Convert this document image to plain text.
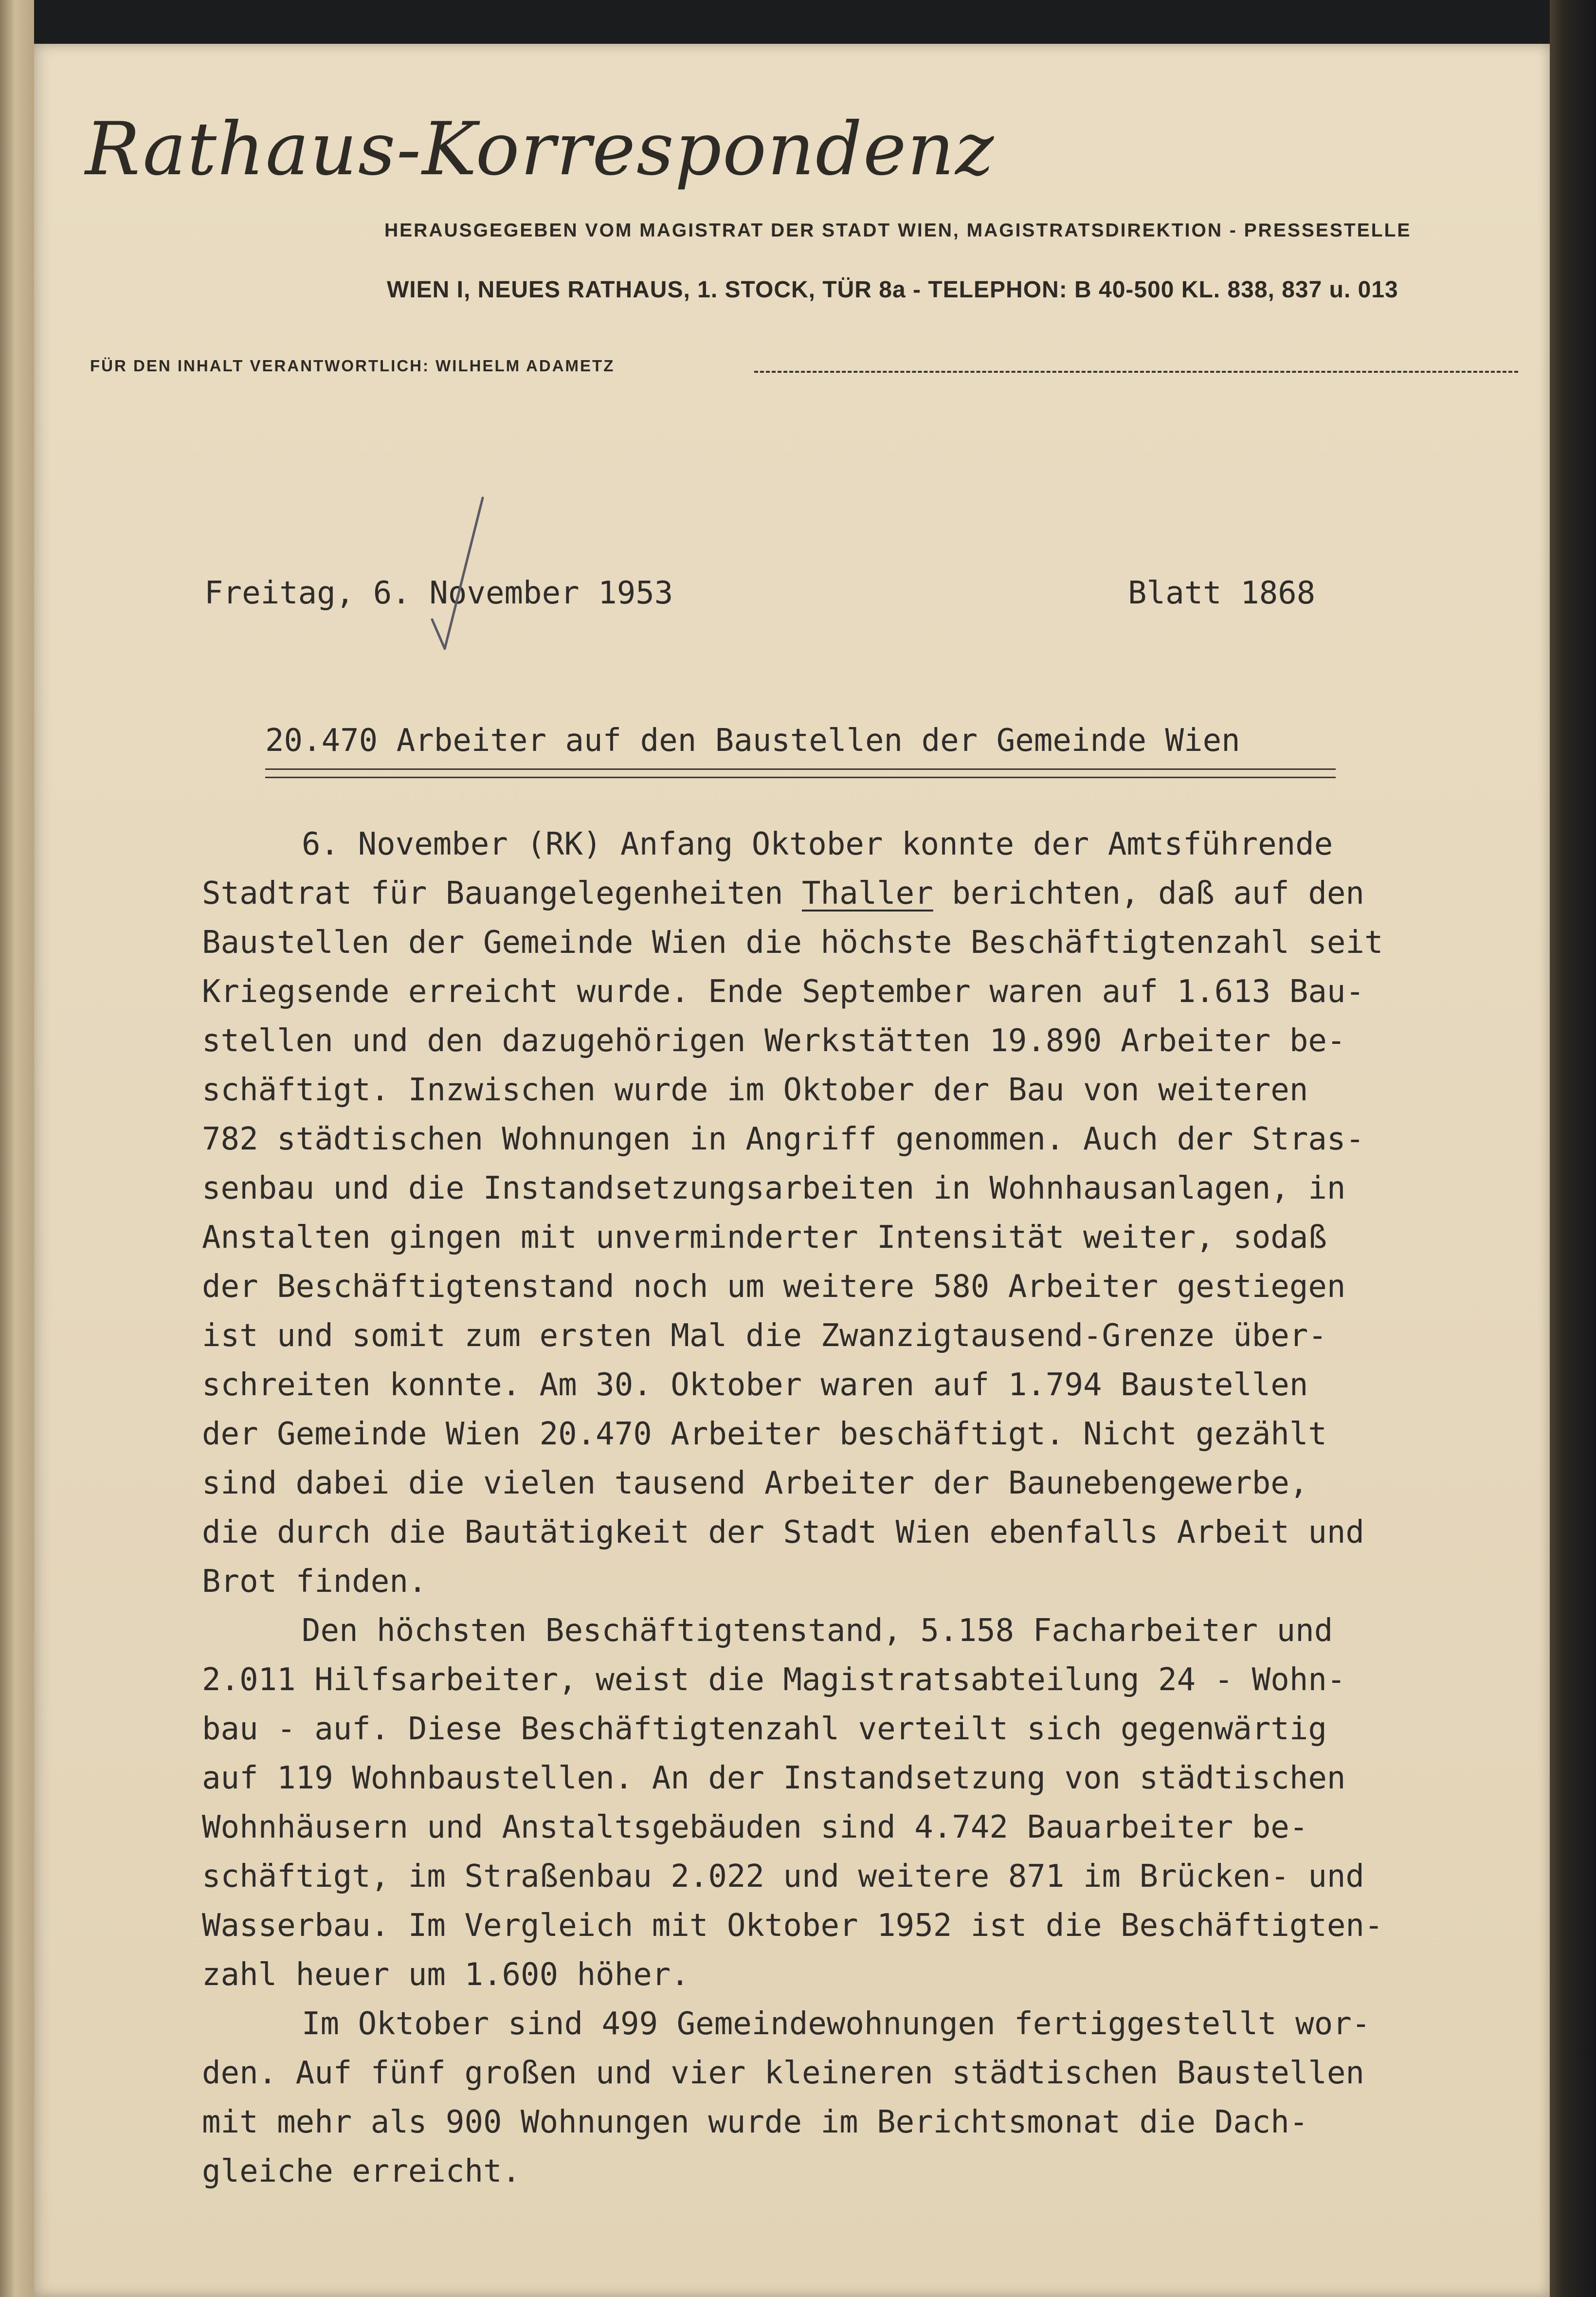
Rathaus-Korrespondenz
HERAUSGEGEBEN VOM MAGISTRAT DER STADT WIEN, MAGISTRATSDIREKTION - PRESSESTELLE
WIEN I, NEUES RATHAUS, 1. STOCK, TÜR 8a - TELEPHON: B 40-500 KL. 838, 837 u. 013
FÜR DEN INHALT VERANTWORTLICH: WILHELM ADAMETZ

Freitag, 6. November 1953	Blatt 1868

20.470 Arbeiter auf den Baustellen der Gemeinde Wien

6. November (RK) Anfang Oktober konnte der Amtsführende

Stadtrat für Bauangelegenheiten Thaller berichten, daß auf den

Baustellen der Gemeinde Wien die höchste Beschäftigtenzahl seit

Kriegsende erreicht wurde. Ende September waren auf 1.613 Bau-

stellen und den dazugehörigen Werkstätten 19.890 Arbeiter be-

schäftigt. Inzwischen wurde im Oktober der Bau von weiteren

782 städtischen Wohnungen in Angriff genommen. Auch der Stras-

senbau und die Instandsetzungsarbeiten in Wohnhausanlagen, in

Anstalten gingen mit unverminderter Intensität weiter, sodaß

der Beschäftigtenstand noch um weitere 580 Arbeiter gestiegen

ist und somit zum ersten Mal die Zwanzigtausend-Grenze über-

schreiten konnte. Am 30. Oktober waren auf 1.794 Baustellen

der Gemeinde Wien 20.470 Arbeiter beschäftigt. Nicht gezählt

sind dabei die vielen tausend Arbeiter der Baunebengewerbe,

die durch die Bautätigkeit der Stadt Wien ebenfalls Arbeit und

Brot finden.

Den höchsten Beschäftigtenstand, 5.158 Facharbeiter und

2.011 Hilfsarbeiter, weist die Magistratsabteilung 24 - Wohn-

bau - auf. Diese Beschäftigtenzahl verteilt sich gegenwärtig

auf 119 Wohnbaustellen. An der Instandsetzung von städtischen

Wohnhäusern und Anstaltsgebäuden sind 4.742 Bauarbeiter be-

schäftigt, im Straßenbau 2.022 und weitere 871 im Brücken- und

Wasserbau. Im Vergleich mit Oktober 1952 ist die Beschäftigten-

zahl heuer um 1.600 höher.

Im Oktober sind 499 Gemeindewohnungen fertiggestellt wor-

den. Auf fünf großen und vier kleineren städtischen Baustellen

mit mehr als 900 Wohnungen wurde im Berichtsmonat die Dach-

gleiche erreicht.
